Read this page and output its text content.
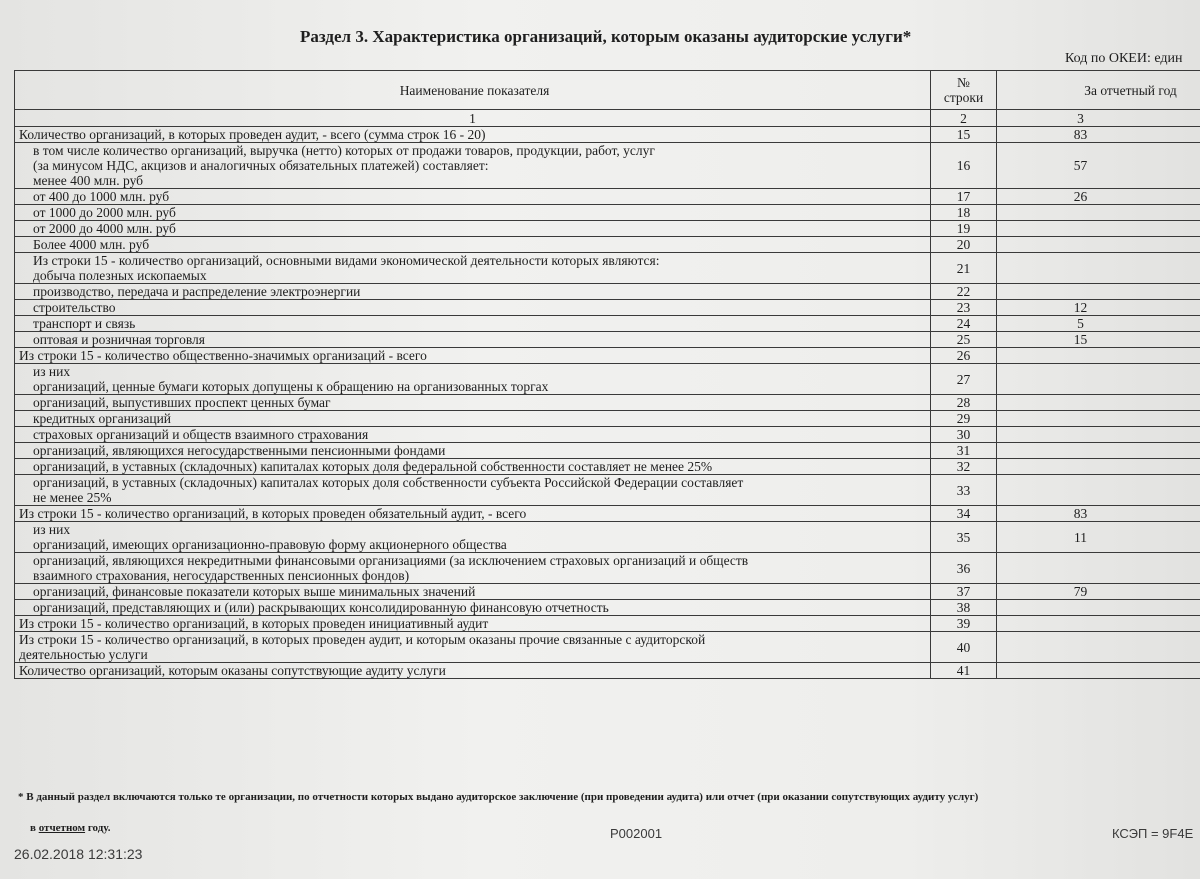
Раздел 3. Характеристика организаций, которым оказаны аудиторские услуги*
Код по ОКЕИ: един
Наименование показателя	№
строки	За отчетный год
1	2	3

Количество организаций, в которых проведен аудит, - всего (сумма строк 16 - 20)	15	83

в том числе количество организаций, выручка (нетто) которых от продажи товаров, продукции, работ, услуг
(за минусом НДС, акцизов и аналогичных обязательных платежей) составляет:
менее 400 млн. руб	16	57

от 400 до 1000 млн. руб	17	26

от 1000 до 2000 млн. руб	18	

от 2000 до 4000 млн. руб	19	

Более 4000 млн. руб	20	

Из строки 15 - количество организаций, основными видами экономической деятельности которых являются:
добыча полезных ископаемых	21	

производство, передача и распределение электроэнергии	22	

строительство	23	12

транспорт и связь	24	5

оптовая и розничная торговля	25	15

Из строки 15 - количество общественно-значимых организаций - всего	26	

из них
организаций, ценные бумаги которых допущены к обращению на организованных торгах	27	

организаций, выпустивших проспект ценных бумаг	28	

кредитных организаций	29	

страховых организаций и обществ взаимного страхования	30	

организаций, являющихся негосударственными пенсионными фондами	31	

организаций, в уставных (складочных) капиталах которых доля федеральной собственности составляет не менее 25%	32	

организаций, в уставных (складочных) капиталах которых доля собственности субъекта Российской Федерации составляет
не менее 25%	33	

Из строки 15 - количество организаций, в которых проведен обязательный аудит, - всего	34	83

из них
организаций, имеющих организационно-правовую форму акционерного общества	35	11

организаций, являющихся некредитными финансовыми организациями (за исключением страховых организаций и обществ
взаимного страхования, негосударственных пенсионных фондов)	36	

организаций, финансовые показатели которых выше минимальных значений	37	79

организаций, представляющих и (или) раскрывающих консолидированную финансовую отчетность	38	

Из строки 15 - количество организаций, в которых проведен инициативный аудит	39	

Из строки 15 - количество организаций, в которых проведен аудит, и которым оказаны прочие связанные с аудиторской
деятельностью услуги	40	

Количество организаций, которым оказаны сопутствующие аудиту услуги	41	
* В данный раздел включаются только те организации, по отчетности которых выдано аудиторское заключение (при проведении аудита) или отчет (при оказании сопутствующих аудиту услуг)
в отчетном году.	P002001	КСЭП = 9F4E
26.02.2018 12:31:23
